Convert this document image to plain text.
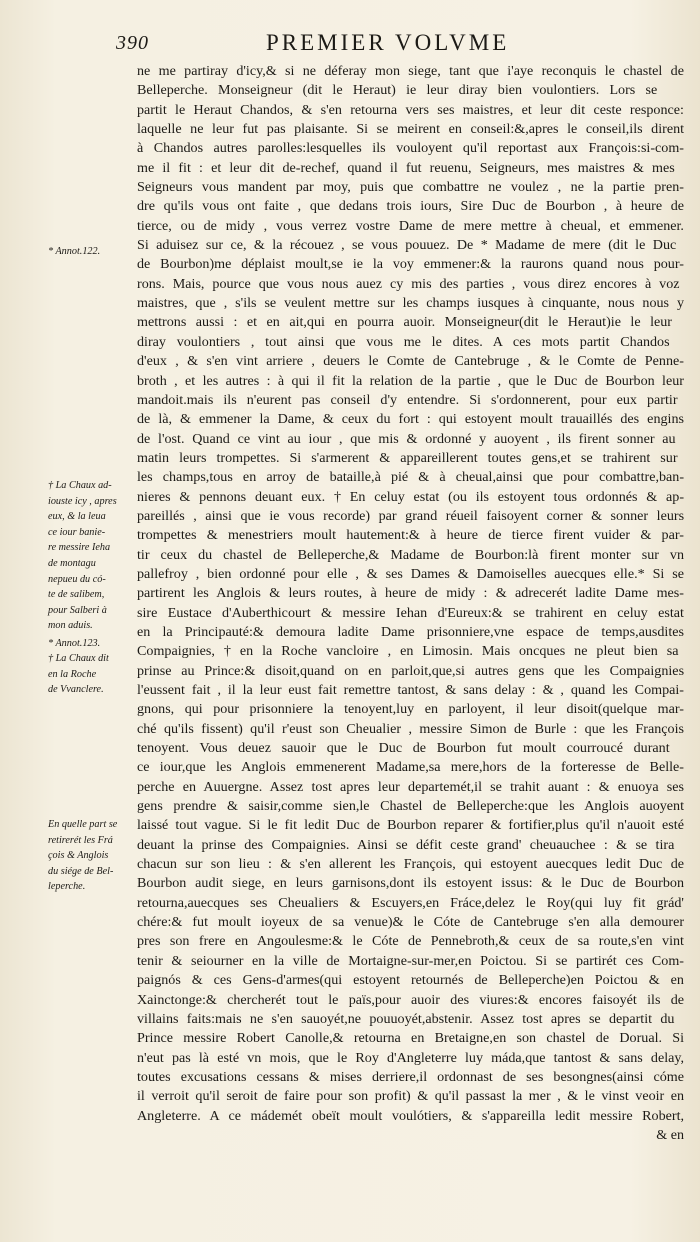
390	PREMIER VOLVME
* Annot.122.
† La Chaux ad-
iouste icy , apres
eux, & la leua
ce iour banie-
re messire Ieha
de montagu
nepueu du có-
te de salibem,
pour Salberi à
mon aduis.
* Annot.123.
† La Chaux dit
en la Roche
de Vvanclere.
En quelle part se
retirerét les Frá
çois & Anglois
du siége de Bel-
leperche.
ne me partiray d'icy,& si ne déferay mon siege, tant que i'aye reconquis le chastel de
Belleperche. Monseigneur (dit le Heraut) ie leur diray bien voulontiers. Lors se
partit le Heraut Chandos, & s'en retourna vers ses maistres, et leur dit ceste responce:
laquelle ne leur fut pas plaisante. Si se meirent en conseil:&,apres le conseil,ils dirent
à Chandos autres parolles:lesquelles ils vouloyent qu'il reportast aux François:si-com-
me il fit : et leur dit de-rechef, quand il fut reuenu, Seigneurs, mes maistres & mes
Seigneurs vous mandent par moy, puis que combattre ne voulez , ne la partie pren-
dre qu'ils vous ont faite , que dedans trois iours, Sire Duc de Bourbon , à heure de
tierce, ou de midy , vous verrez vostre Dame de mere mettre à cheual, et emmener.
Si aduisez sur ce, & la récouez , se vous pouuez. De * Madame de mere (dit le Duc
de Bourbon)me déplaist moult,se ie la voy emmener:& la raurons quand nous pour-
rons. Mais, pource que vous nous auez cy mis des parties , vous direz encores à voz
maistres, que , s'ils se veulent mettre sur les champs iusques à cinquante, nous nous y
mettrons aussi : et en ait,qui en pourra auoir. Monseigneur(dit le Heraut)ie le leur
diray voulontiers , tout ainsi que vous me le dites. A ces mots partit Chandos
d'eux , & s'en vint arriere , deuers le Comte de Cantebruge , & le Comte de Penne-
broth , et les autres : à qui il fit la relation de la partie , que le Duc de Bourbon leur
mandoit.mais ils n'eurent pas conseil d'y entendre. Si s'ordonnerent, pour eux partir
de là, & emmener la Dame, & ceux du fort : qui estoyent moult trauaillés des engins
de l'ost. Quand ce vint au iour , que mis & ordonné y auoyent , ils firent sonner au
matin leurs trompettes. Si s'armerent & appareillerent toutes gens,et se trahirent sur
les champs,tous en arroy de bataille,à pié & à cheual,ainsi que pour combattre,ban-
nieres & pennons deuant eux. † En celuy estat (ou ils estoyent tous ordonnés & ap-
pareillés , ainsi que ie vous recorde) par grand réueil faisoyent corner & sonner leurs
trompettes & menestriers moult hautement:& à heure de tierce firent vuider & par-
tir ceux du chastel de Belleperche,& Madame de Bourbon:là firent monter sur vn
pallefroy , bien ordonné pour elle , & ses Dames & Damoiselles auecques elle.* Si se
partirent les Anglois & leurs routes, à heure de midy : & adrecerét ladite Dame mes-
sire Eustace d'Auberthicourt & messire Iehan d'Eureux:& se trahirent en celuy estat
en la Principauté:& demoura ladite Dame prisonniere,vne espace de temps,ausdites
Compaignies, † en la Roche vancloire , en Limosin. Mais oncques ne pleut bien sa
prinse au Prince:& disoit,quand on en parloit,que,si autres gens que les Compaignies
l'eussent fait , il la leur eust fait remettre tantost, & sans delay : & , quand les Compai-
gnons, qui pour prisonniere la tenoyent,luy en parloyent, il leur disoit(quelque mar-
ché qu'ils fissent) qu'il r'eust son Cheualier , messire Simon de Burle : que les François
tenoyent. Vous deuez sauoir que le Duc de Bourbon fut moult courroucé durant
ce iour,que les Anglois emmenerent Madame,sa mere,hors de la forteresse de Belle-
perche en Auuergne. Assez tost apres leur departemét,il se trahit auant : & enuoya ses
gens prendre & saisir,comme sien,le Chastel de Belleperche:que les Anglois auoyent
laissé tout vague. Si le fit ledit Duc de Bourbon reparer & fortifier,plus qu'il n'auoit esté
deuant la prinse des Compaignies. Ainsi se défit ceste grand' cheuauchee : & se tira
chacun sur son lieu : & s'en allerent les François, qui estoyent auecques ledit Duc de
Bourbon audit siege, en leurs garnisons,dont ils estoyent issus: & le Duc de Bourbon
retourna,auecques ses Cheualiers & Escuyers,en Fráce,delez le Roy(qui luy fit grád'
chére:& fut moult ioyeux de sa venue)& le Cóte de Cantebruge s'en alla demourer
pres son frere en Angoulesme:& le Cóte de Pennebroth,& ceux de sa route,s'en vint
tenir & seiourner en la ville de Mortaigne-sur-mer,en Poictou. Si se partirét ces Com-
paignós & ces Gens-d'armes(qui estoyent retournés de Belleperche)en Poictou & en
Xainctonge:& chercherét tout le païs,pour auoir des viures:& encores faisoyét ils de
villains faits:mais ne s'en sauoyét,ne pouuoyét,abstenir. Assez tost apres se departit du
Prince messire Robert Canolle,& retourna en Bretaigne,en son chastel de Dorual. Si
n'eut pas là esté vn mois, que le Roy d'Angleterre luy máda,que tantost & sans delay,
toutes excusations cessans & mises derriere,il ordonnast de ses besongnes(ainsi cóme
il verroit qu'il seroit de faire pour son profit) & qu'il passast la mer , & le vinst veoir en
Angleterre. A ce mádemét obeït moult voulótiers, & s'appareilla ledit messire Robert,
& en
